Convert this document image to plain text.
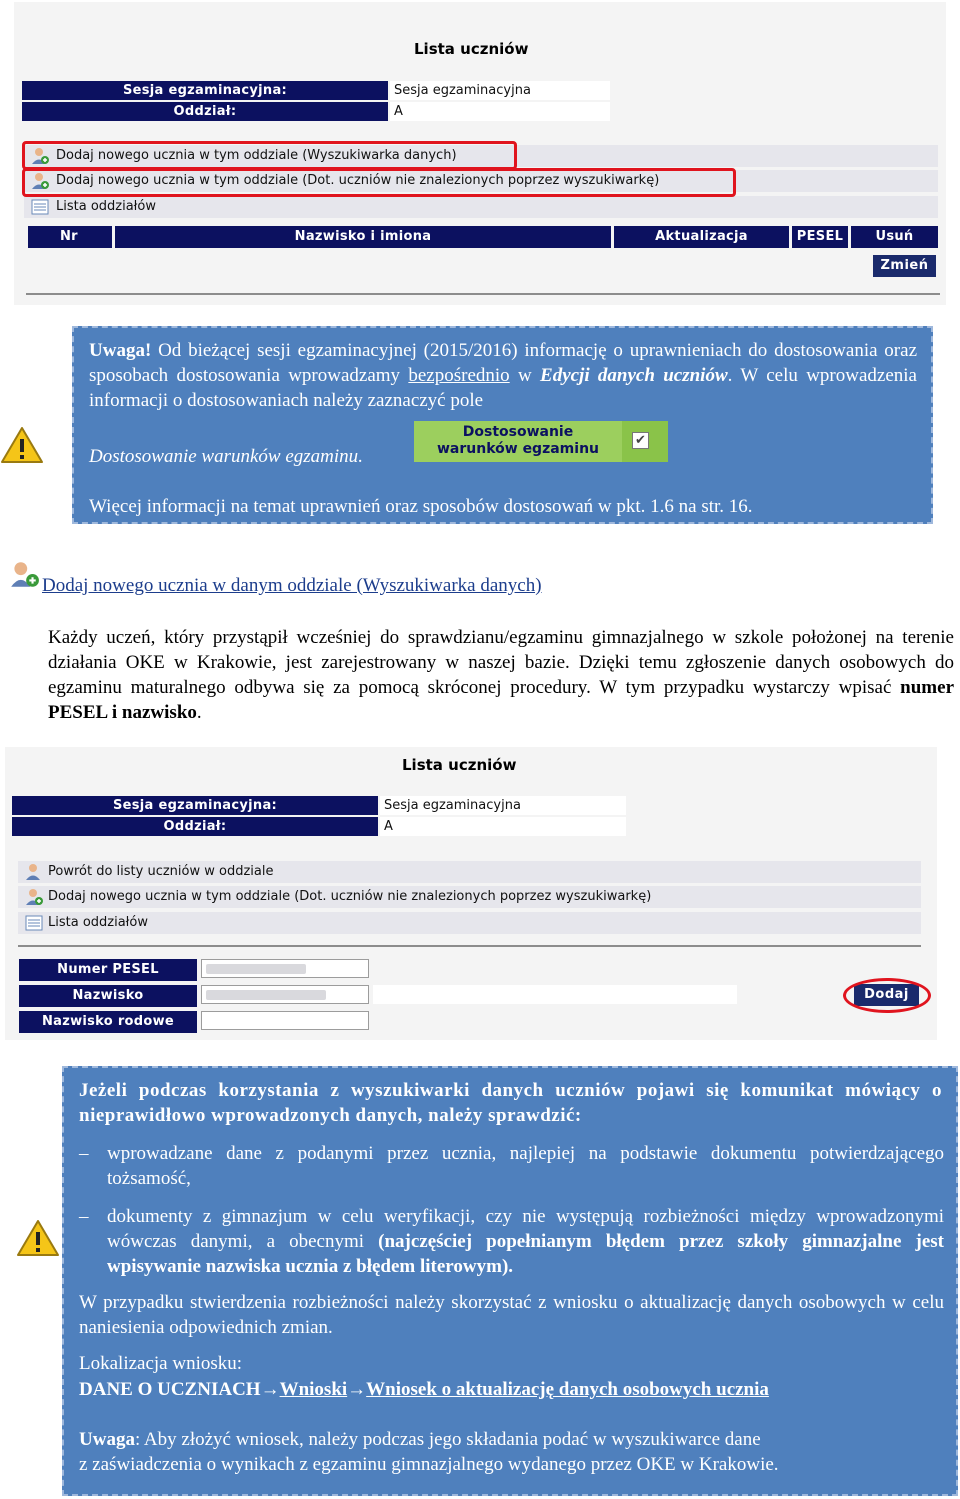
Lista uczniów
Sesja egzaminacyjna:	Sesja egzaminacyjna
Oddział:	A
Dodaj nowego ucznia w tym oddziale (Wyszukiwarka danych)
Dodaj nowego ucznia w tym oddziale (Dot. uczniów nie znalezionych poprzez wyszukiwarkę)
Lista oddziałów
Nr	Nazwisko i imiona	Aktualizacja	PESEL	Usuń
Zmień

Uwaga! Od bieżącej sesji egzaminacyjnej (2015/2016) informację o uprawnieniach do dostosowania oraz sposobach dostosowania wprowadzamy bezpośrednio w Edycji danych uczniów. W celu wprowadzenia informacji o dostosowaniach należy zaznaczyć pole

Dostosowanie warunków egzaminu.
Dostosowanie
warunków egzaminu
✔

Więcej informacji na temat uprawnień oraz sposobów dostosowań w pkt. 1.6 na str. 16.

Dodaj nowego ucznia w danym oddziale (Wyszukiwarka danych)

Każdy uczeń, który przystąpił wcześniej do sprawdzianu/egzaminu gimnazjalnego w szkole położonej na terenie działania OKE w Krakowie, jest zarejestrowany w naszej bazie. Dzięki temu zgłoszenie danych osobowych do egzaminu maturalnego odbywa się za pomocą skróconej procedury. W tym przypadku wystarczy wpisać numer PESEL i nazwisko.

Lista uczniów
Sesja egzaminacyjna:	Sesja egzaminacyjna
Oddział:	A
Powrót do listy uczniów w oddziale
Dodaj nowego ucznia w tym oddziale (Dot. uczniów nie znalezionych poprzez wyszukiwarkę)
Lista oddziałów
Numer PESEL
Nazwisko
Nazwisko rodowe
Dodaj

Jeżeli podczas korzystania z wyszukiwarki danych uczniów pojawi się komunikat mówiący o nieprawidłowo wprowadzonych danych, należy sprawdzić:

– wprowadzane dane z podanymi przez ucznia, najlepiej na podstawie dokumentu potwierdzającego tożsamość,

– dokumenty z gimnazjum w celu weryfikacji, czy nie występują rozbieżności między wprowadzonymi wówczas danymi, a obecnymi (najczęściej popełnianym błędem przez szkoły gimnazjalne jest wpisywanie nazwiska ucznia z błędem literowym).

W przypadku stwierdzenia rozbieżności należy skorzystać z wniosku o aktualizację danych osobowych w celu naniesienia odpowiednich zmian.

Lokalizacja wniosku:

DANE O UCZNIACH→Wnioski→Wniosek o aktualizację danych osobowych ucznia

Uwaga: Aby złożyć wniosek, należy podczas jego składania podać w wyszukiwarce dane

z zaświadczenia o wynikach z egzaminu gimnazjalnego wydanego przez OKE w Krakowie.
